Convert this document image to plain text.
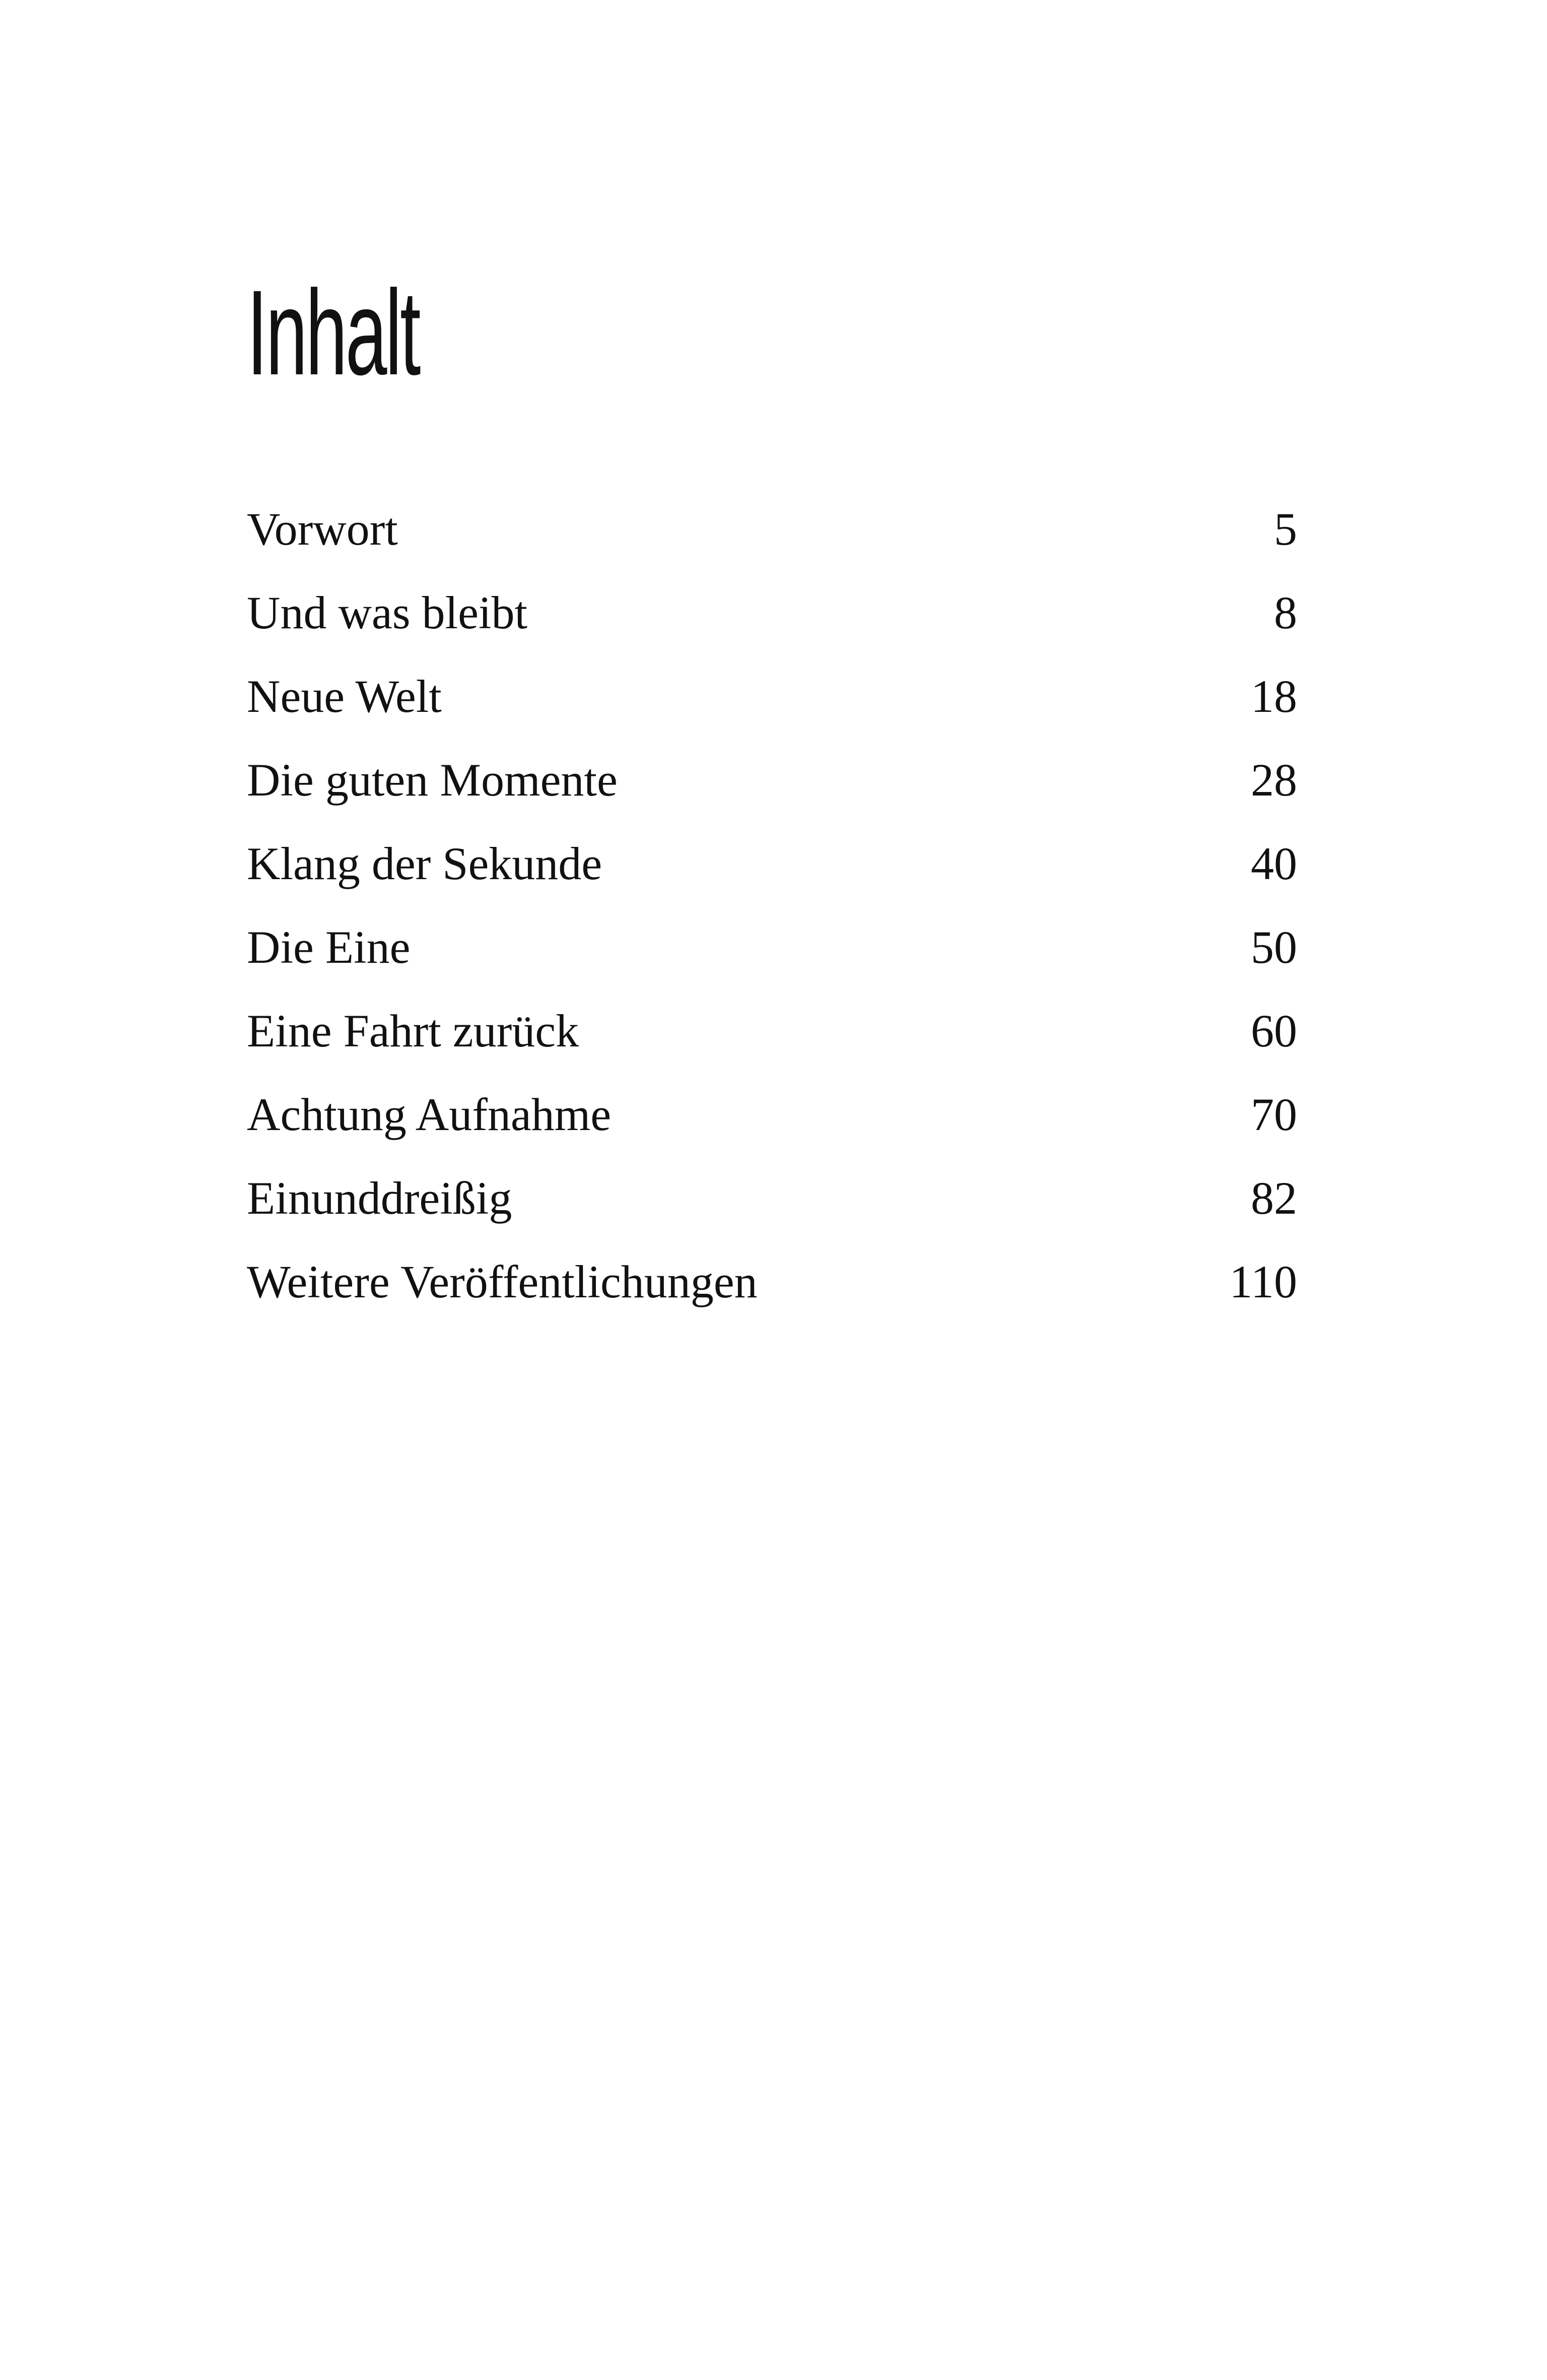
Inhalt
Vorwort	5
Und was bleibt	8
Neue Welt	18
Die guten Momente	28
Klang der Sekunde	40
Die Eine	50
Eine Fahrt zurück	60
Achtung Aufnahme	70
Einunddreißig	82
Weitere Veröffentlichungen	110
